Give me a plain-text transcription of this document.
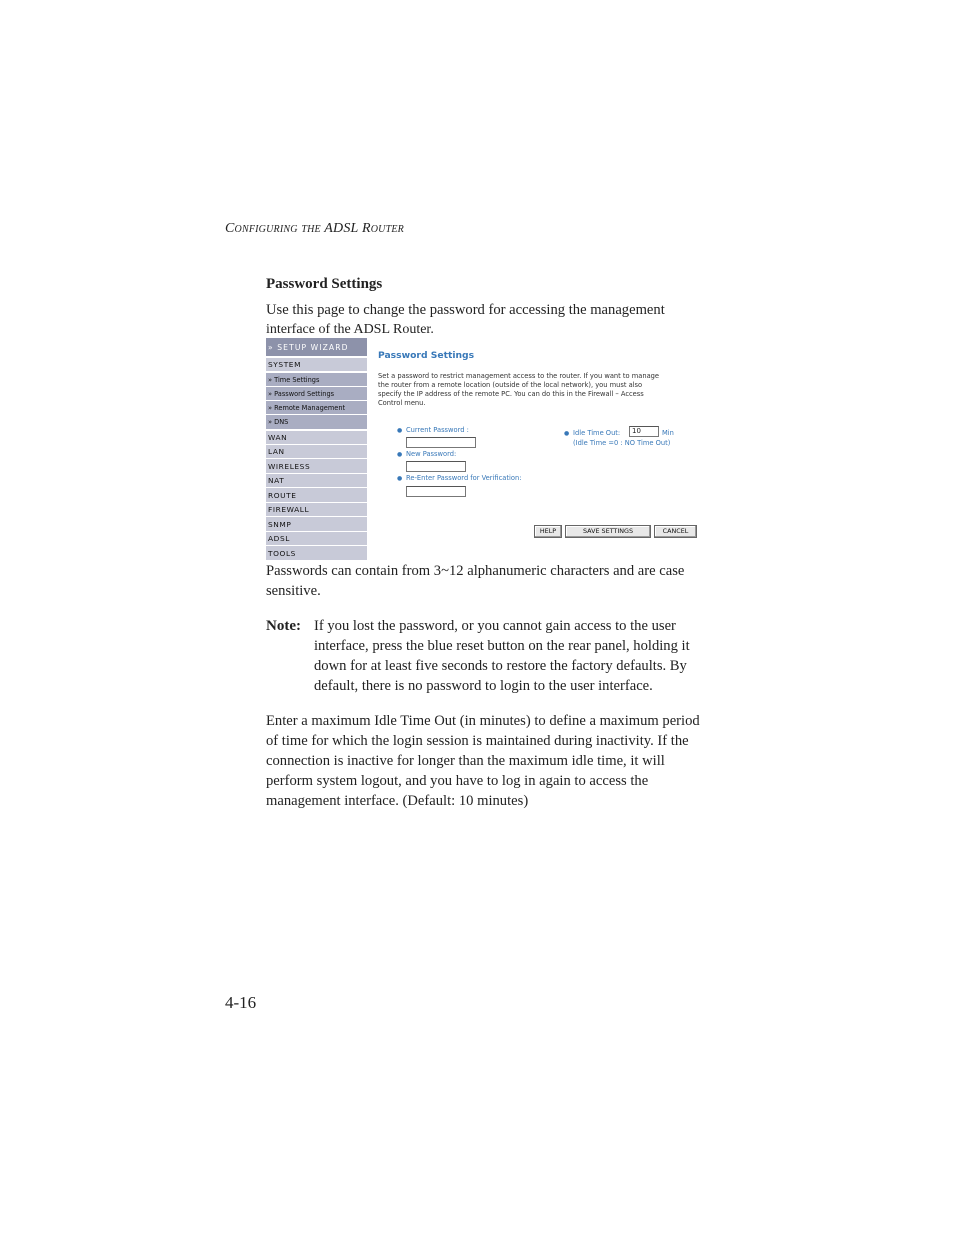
Configuring the ADSL Router
Password Settings
Use this page to change the password for accessing the management
interface of the ADSL Router.
» SETUP WIZARD
SYSTEM
» Time Settings
» Password Settings
» Remote Management
» DNS
WAN
LAN
WIRELESS
NAT
ROUTE
FIREWALL
SNMP
ADSL
TOOLS
Password Settings
Set a password to restrict management access to the router. If you want to manage
the router from a remote location (outside of the local network), you must also
specify the IP address of the remote PC. You can do this in the Firewall – Access
Control menu.
● Current Password :
● New Password:
● Re-Enter Password for Verification:
● Idle Time Out:	10	Min
(Idle Time =0 : NO Time Out)
HELP	SAVE SETTINGS	CANCEL
Passwords can contain from 3~12 alphanumeric characters and are case
sensitive.
Note: If you lost the password, or you cannot gain access to the user
interface, press the blue reset button on the rear panel, holding it
down for at least five seconds to restore the factory defaults. By
default, there is no password to login to the user interface.
Enter a maximum Idle Time Out (in minutes) to define a maximum period
of time for which the login session is maintained during inactivity. If the
connection is inactive for longer than the maximum idle time, it will
perform system logout, and you have to log in again to access the
management interface. (Default: 10 minutes)
4-16
